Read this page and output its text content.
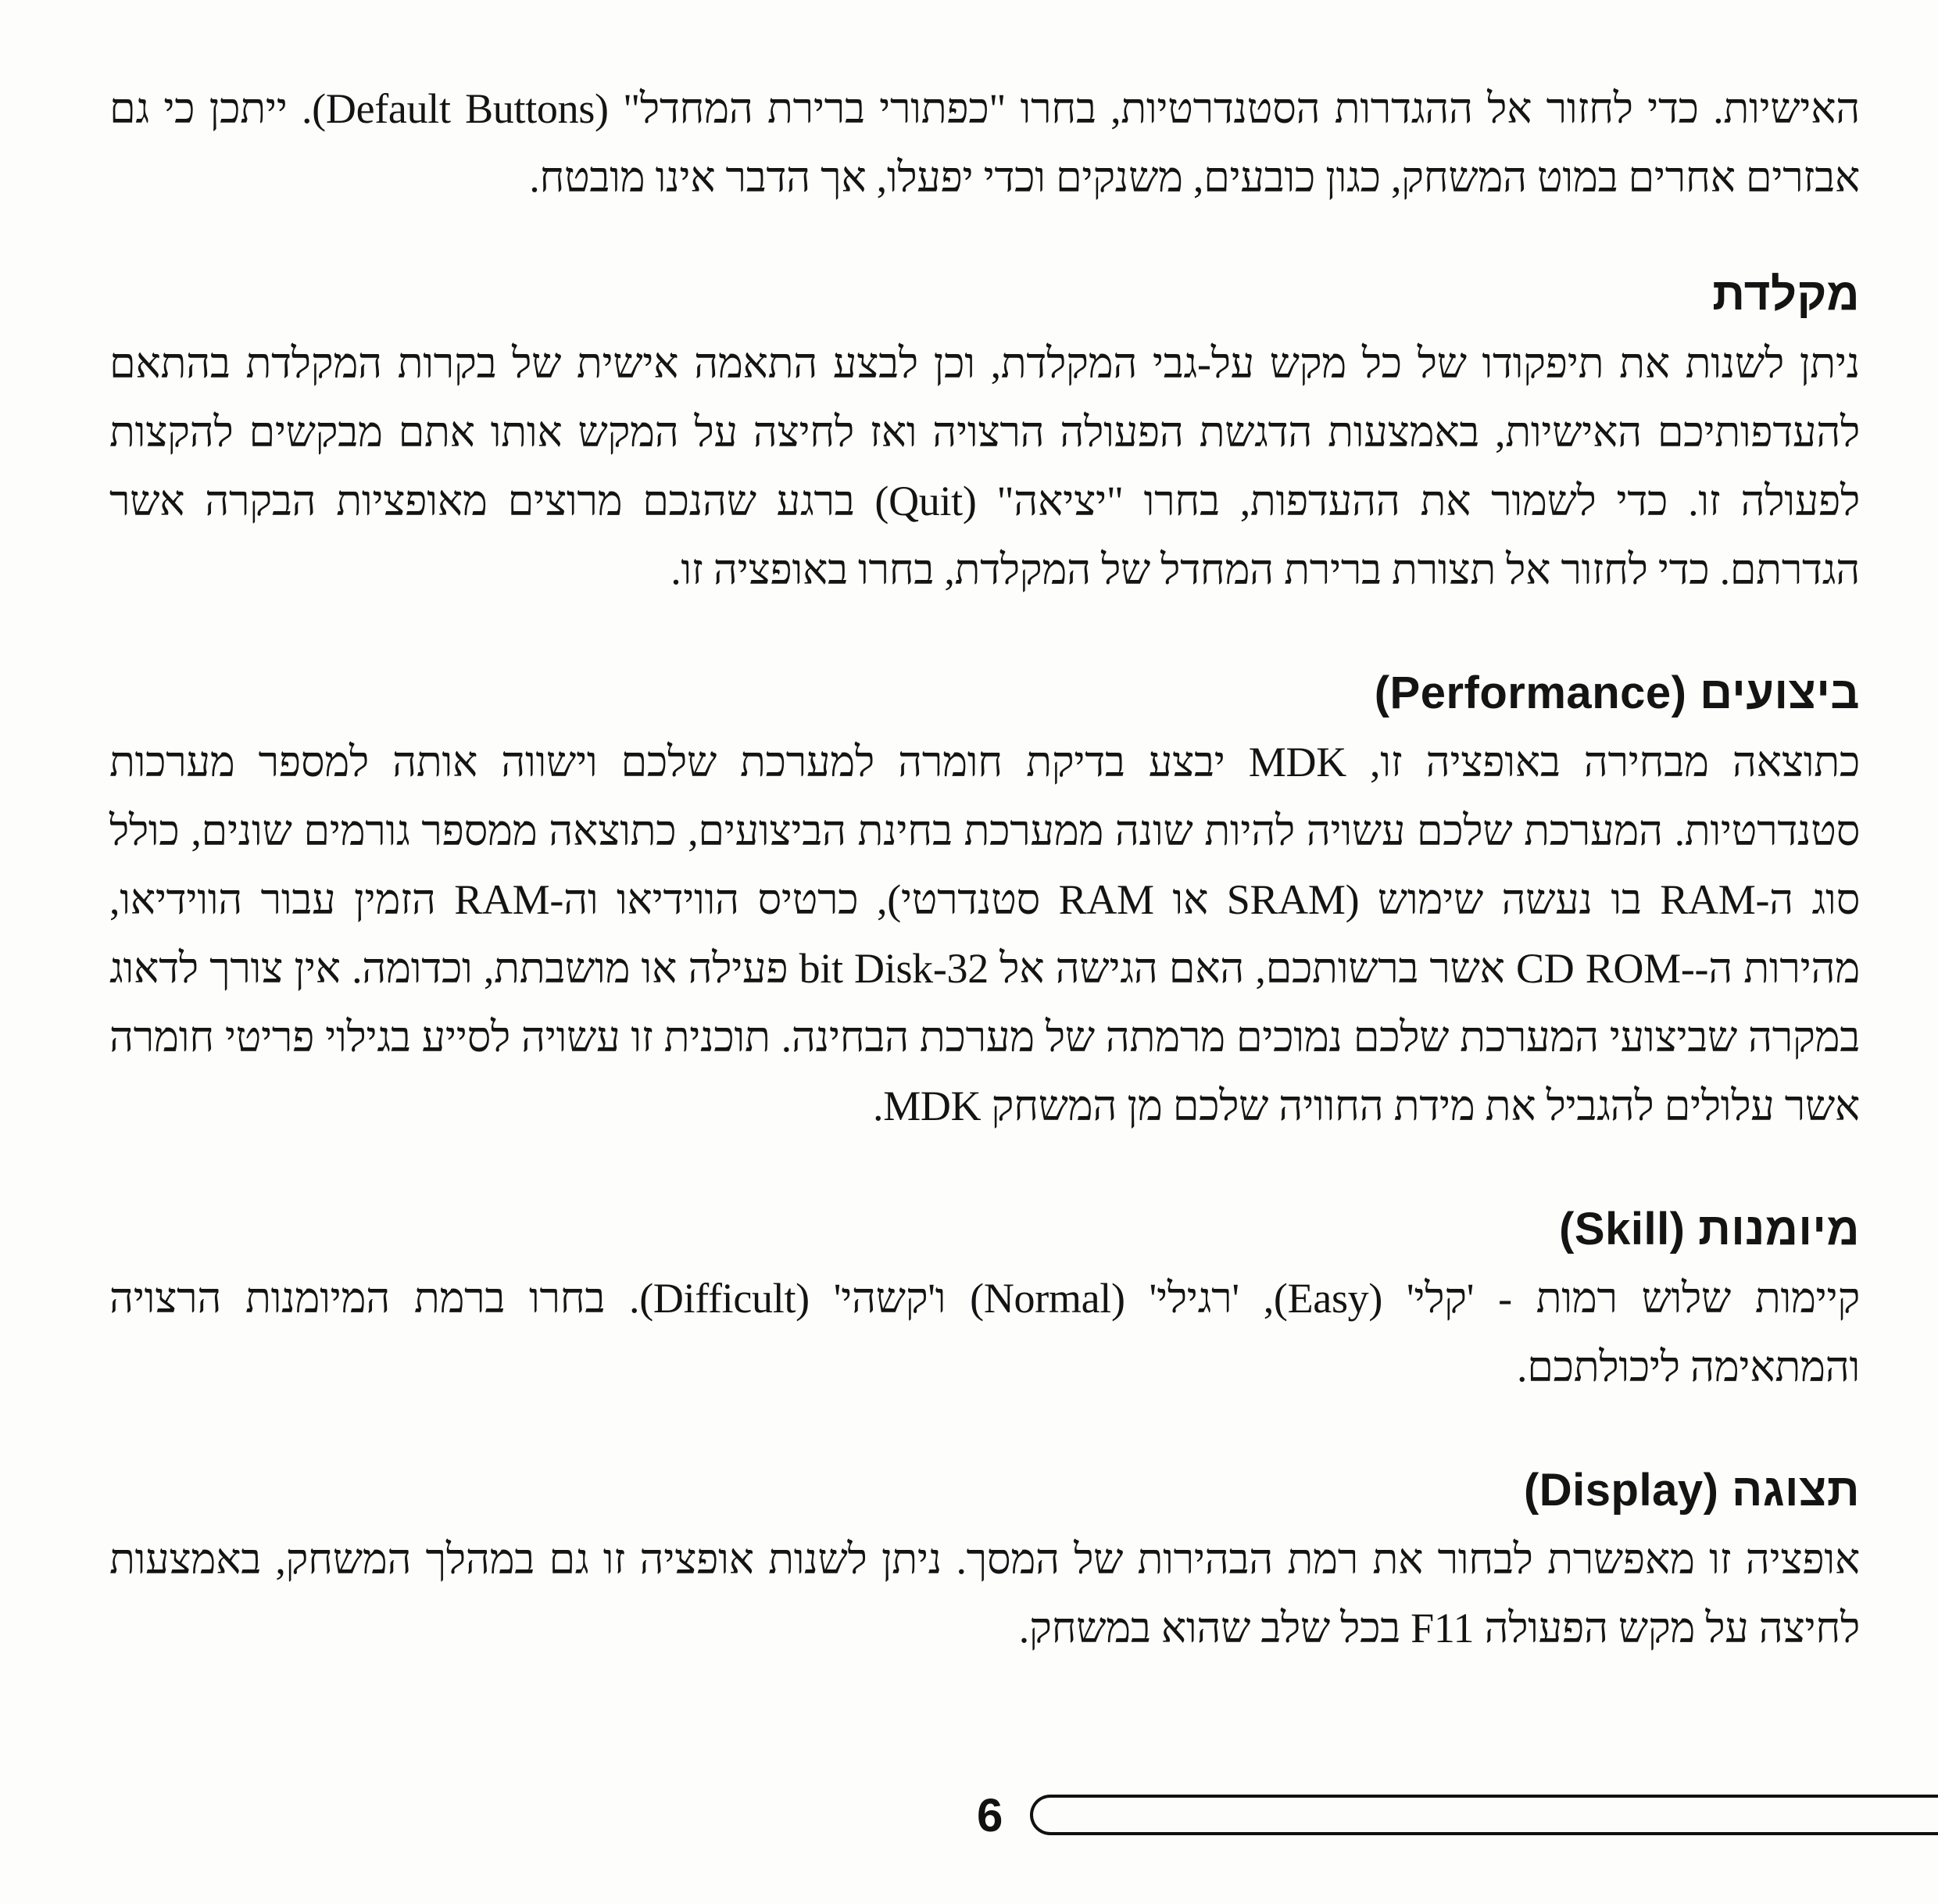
האישיות. כדי לחזור אל ההגדרות הסטנדרטיות, בחרו "כפתורי ברירת המחדל" (Default Buttons). ייתכן כי גם אבזרים אחרים במוט המשחק, כגון כובעים, משנקים וכדי יפעלו, אך הדבר אינו מובטח.

מקלדת

ניתן לשנות את תיפקודו של כל מקש על-גבי המקלדת, וכן לבצע התאמה אישית של בקרות המקלדת בהתאם להעדפותיכם האישיות, באמצעות הדגשת הפעולה הרצויה ואז לחיצה על המקש אותו אתם מבקשים להקצות לפעולה זו. כדי לשמור את ההעדפות, בחרו "יציאה" (Quit) ברגע שהנכם מרוצים מאופציות הבקרה אשר הגדרתם. כדי לחזור אל תצורת ברירת המחדל של המקלדת, בחרו באופציה זו.

ביצועים (Performance)

כתוצאה מבחירה באופציה זו, MDK יבצע בדיקת חומרה למערכת שלכם וישווה אותה למספר מערכות סטנדרטיות. המערכת שלכם עשויה להיות שונה ממערכת בחינת הביצועים, כתוצאה ממספר גורמים שונים, כולל סוג ה-RAM בו נעשה שימוש (SRAM או RAM סטנדרטי), כרטיס הווידיאו וה-RAM הזמין עבור הווידיאו, מהירות ה--CD ROM אשר ברשותכם, האם הגישה אל 32-bit Disk פעילה או מושבתת, וכדומה. אין צורך לדאוג במקרה שביצועי המערכת שלכם נמוכים מרמתה של מערכת הבחינה. תוכנית זו עשויה לסייע בגילוי פריטי חומרה אשר עלולים להגביל את מידת החוויה שלכם מן המשחק MDK.

מיומנות (Skill)

קיימות שלוש רמות - 'קלי' (Easy), 'רגילי' (Normal) ו'קשהי' (Difficult). בחרו ברמת המיומנות הרצויה והמתאימה ליכולתכם.

תצוגה (Display)

אופציה זו מאפשרת לבחור את רמת הבהירות של המסך. ניתן לשנות אופציה זו גם במהלך המשחק, באמצעות לחיצה על מקש הפעולה F11 בכל שלב שהוא במשחק.

6
